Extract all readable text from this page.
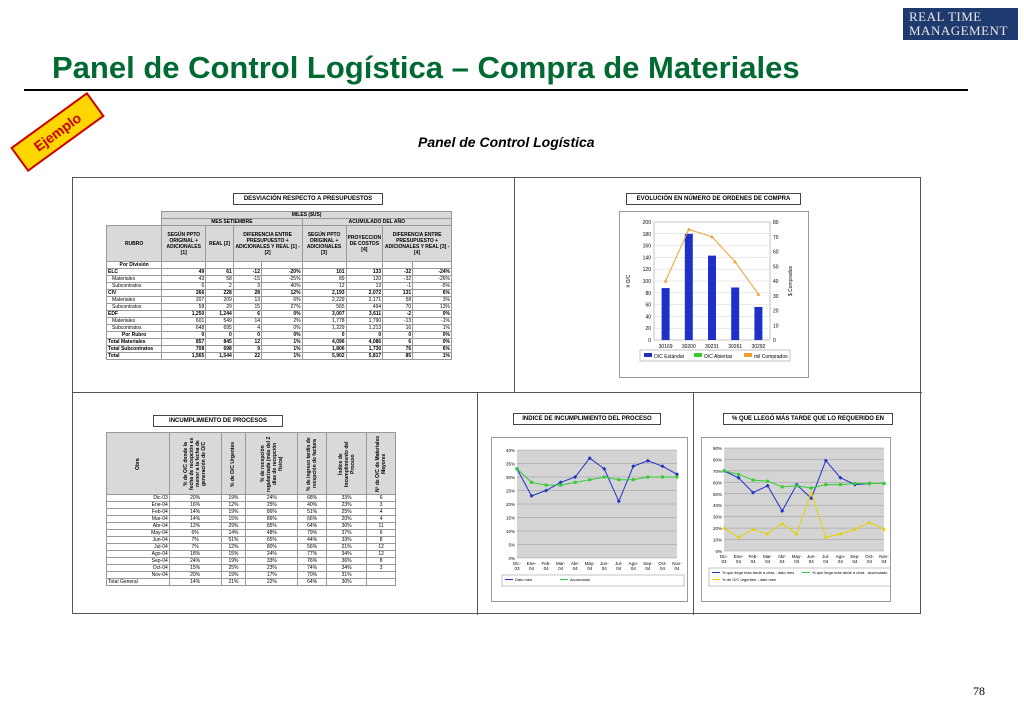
REAL TIME
MANAGEMENT
Panel de Control Logística – Compra de Materiales
Ejemplo	Panel de Control Logística
DESVIACIÓN RESPECTO A PRESUPUESTOS
	MILES ($US)							
	MES SETIEMBRE				ACUMULADO DEL AÑO			
RUBRO	SEGÚN PPTO ORIGINAL + ADICIONALES [1]	REAL [2]	DIFERENCIA ENTRE PRESUPUESTO + ADICIONALES Y REAL [1] - [2]		SEGÚN PPTO ORIGINAL + ADICIONALES [3]	PROYECCION DE COSTOS [4]	DIFERENCIA ENTRE PRESUPUESTO + ADICIONALES Y REAL [3] - [4]	
Por División								
ELC	49	61	-12	-20%	101	133	-32	-24%
Materiales	43	58	-15	-25%	89	120	-32	-26%
Subcontratos	6	2	3	40%	12	13	-1	-5%
CIV	266	228	28	12%	2,193	2,072	131	6%
Materiales	207	209	13	6%	2,229	2,171	58	3%
Subcontratos	58	29	15	27%	565	494	70	13%
EDF	1,250	1,244	6	0%	3,007	3,611	-2	0%
Materiales	601	549	14	2%	1,778	1,790	-13	-1%
Subcontratos	648	695	4	0%	1,229	1,213	16	1%
Por Rubro	0	0	0	0%	0	0	0	0%
Total Materiales	857	845	12	1%	4,096	4,086	6	0%
Total Subcontratos	708	698	9	1%	1,806	1,730	76	6%
Total	1,565	1,544	22	1%	5,902	5,817	85	1%
EVOLUCIÓN EN NÚMERO DE ORDENES DE COMPRA
200
180
160
140
120
100
80
60
40
20
0
80
70
60
50
40
30
20
10
0
# O/C	$ Comprados
30169 30200 30231 30261 30292
O/C Estándar	O/C Abiertas	mil Comprados
INCUMPLIMIENTO DE PROCESOS
Obra	% de O/C donde la fecha de recepción es menor a la fecha de generación de O/C	% de O/C Urgentes	% de recepción regularizada (más del 2 días de recepción física)	% de ingreso tardío de recepción de factura	Índice de Incumplimiento del Proceso	Nº de O/C de Materiales Mayores

Dic-03	20%	19%	24%	68%	33%	6
Ene-04	16%	12%	25%	40%	23%	3
Feb-04	14%	19%	86%	51%	25%	4
Mar-04	14%	15%	86%	66%	20%	4
Abr-04	12%	29%	85%	64%	30%	11
May-04	6%	14%	48%	79%	37%	6
Jun-04	7%	51%	65%	44%	33%	8
Jul-04	7%	12%	80%	56%	21%	12
Ago-04	18%	15%	24%	77%	34%	12
Sep-04	24%	19%	33%	76%	36%	8
Oct-04	15%	25%	23%	74%	34%	3
Nov-04	20%	19%	17%	70%	31%	
Total General	14%	21%	22%	64%	30%	
INDICE DE INCUMPLIMIENTO DEL PROCESO
40%
35%
30%
25%
20%
15%
10%
5%
0%
Dic-
03
Ene-
04
Feb-
04
Mar-
04
Abr-
04
May-
04
Jun-
04
Jul-
04
Ago-
04
Sep-
04
Oct-
04
Nov-
04
Dato mes	Acumulado
% QUE LLEGÓ MÁS TARDE QUE LO REQUERIDO EN
90%
80%
70%
60%
50%
40%
30%
20%
10%
0%
Dic-
03
Ene-
04
Feb-
04
Mar-
04
Abr-
04
May-
04
Jun-
04
Jul-
04
Ago-
04
Sep-
04
Oct-
04
Nov-
04
% que llega más tarde a obra - dato mes	% que llega más tarde a obra - acumulado
% de O/C urgentes - dato mes
78
